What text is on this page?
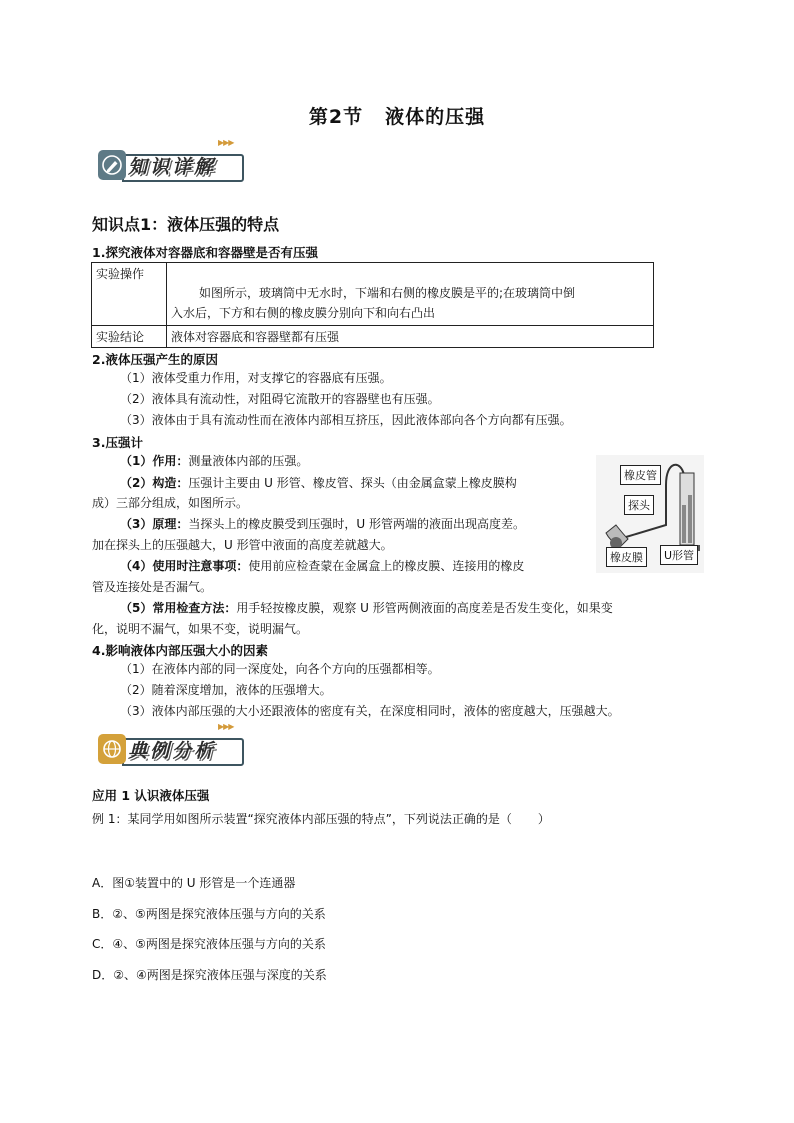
第2节 液体的压强
知识详解
▶▶▶
知识点1：液体压强的特点
1.探究液体对容器底和容器壁是否有压强
实验操作	如图所示，玻璃筒中无水时，下端和右侧的橡皮膜是平的;在玻璃筒中倒
入水后，下方和右侧的橡皮膜分别向下和向右凸出

实验结论	液体对容器底和容器壁都有压强
2.液体压强产生的原因
（1）液体受重力作用，对支撑它的容器底有压强。
（2）液体具有流动性，对阻碍它流散开的容器壁也有压强。
（3）液体由于具有流动性而在液体内部相互挤压，因此液体部向各个方向都有压强。
3.压强计
（1）作用：测量液体内部的压强。
（2）构造：压强计主要由 U 形管、橡皮管、探头（由金属盒蒙上橡皮膜构
成）三部分组成，如图所示。
（3）原理：当探头上的橡皮膜受到压强时，U 形管两端的液面出现高度差。
加在探头上的压强越大，U 形管中液面的高度差就越大。
（4）使用时注意事项：使用前应检查蒙在金属盒上的橡皮膜、连接用的橡皮
管及连接处是否漏气。
（5）常用检查方法：用手轻按橡皮膜，观察 U 形管两侧液面的高度差是否发生变化，如果变
化，说明不漏气，如果不变，说明漏气。
橡皮管
探头
橡皮膜	U形管
4.影响液体内部压强大小的因素
（1）在液体内部的同一深度处，向各个方向的压强都相等。
（2）随着深度增加，液体的压强增大。
（3）液体内部压强的大小还跟液体的密度有关，在深度相同时，液体的密度越大，压强越大。
典例分析
▶▶▶
应用 1 认识液体压强
例 1：某同学用如图所示装置“探究液体内部压强的特点”，下列说法正确的是（ ）
A．图①装置中的 U 形管是一个连通器
B．②、⑤两图是探究液体压强与方向的关系
C．④、⑤两图是探究液体压强与方向的关系
D．②、④两图是探究液体压强与深度的关系
